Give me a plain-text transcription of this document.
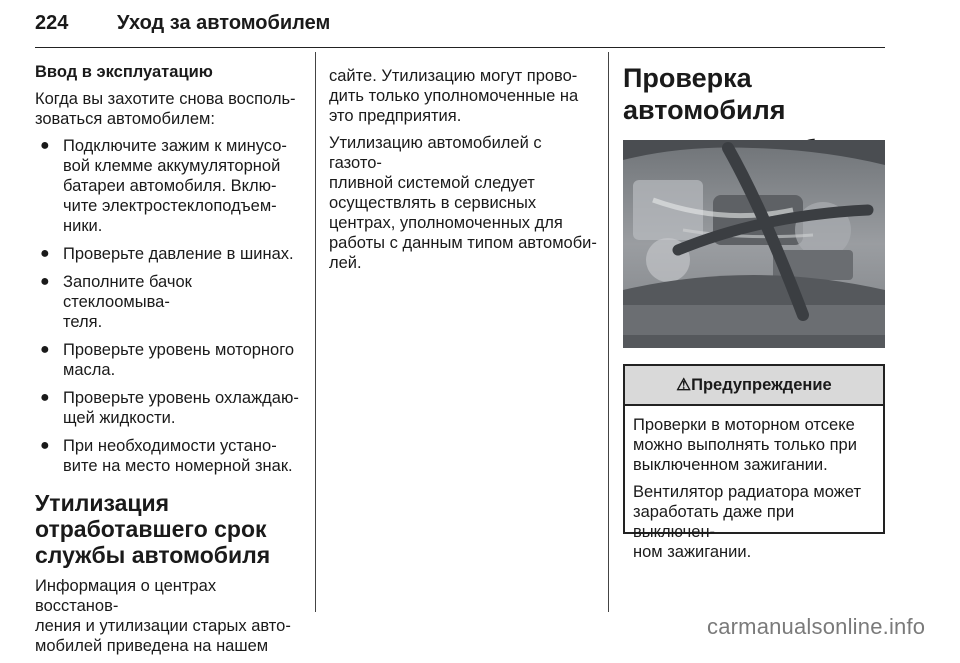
224 Уход за автомобилем
Ввод в эксплуатацию
Когда вы захотите снова восполь-
зоваться автомобилем:
● Подключите зажим к минусо-
вой клемме аккумуляторной
батареи автомобиля. Вклю-
чите электростеклоподъем-
ники.
● Проверьте давление в шинах.
● Заполните бачок стеклоомыва-
теля.
● Проверьте уровень моторного
масла.
● Проверьте уровень охлаждаю-
щей жидкости.
● При необходимости устано-
вите на место номерной знак.
Утилизация
отработавшего срок
службы автомобиля
Информация о центрах восстанов-
ления и утилизации старых авто-
мобилей приведена на нашем
сайте. Утилизацию могут прово-
дить только уполномоченные на
это предприятия.
Утилизацию автомобилей с газото-
пливной системой следует
осуществлять в сервисных
центрах, уполномоченных для
работы с данным типом автомоби-
лей.
Проверка автомобиля
⚠Предупреждение
Проверки в моторном отсеке
можно выполнять только при
выключенном зажигании.
Вентилятор радиатора может
заработать даже при выключен-
ном зажигании.
carmanualsonline.info
